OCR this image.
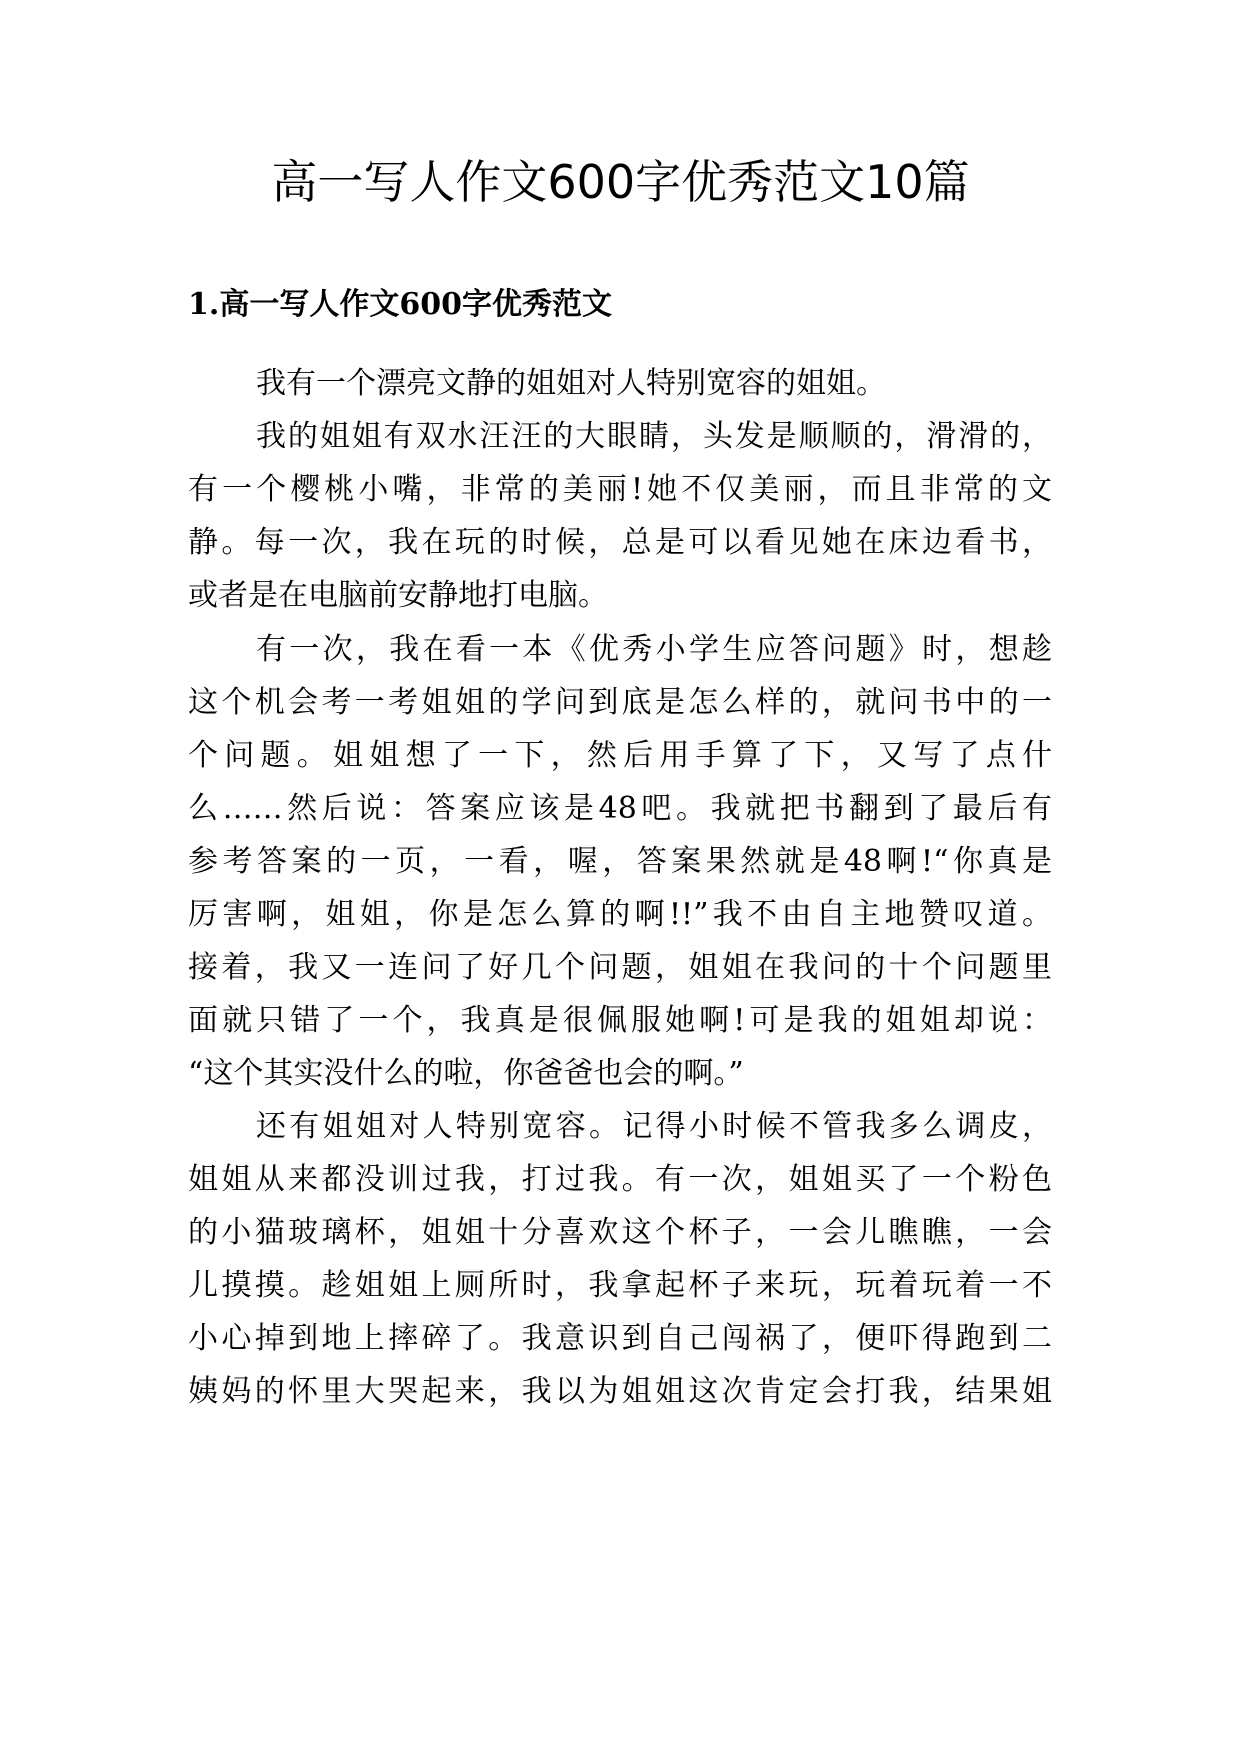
高一写人作文600字优秀范文10篇
1.高一写人作文600字优秀范文

我有一个漂亮文静的姐姐对人特别宽容的姐姐。

我的姐姐有双水汪汪的大眼睛，头发是顺顺的，滑滑的，

有一个樱桃小嘴，非常的美丽!她不仅美丽，而且非常的文

静。每一次，我在玩的时候，总是可以看见她在床边看书，

或者是在电脑前安静地打电脑。

有一次，我在看一本《优秀小学生应答问题》时，想趁

这个机会考一考姐姐的学问到底是怎么样的，就问书中的一

个问题。姐姐想了一下，然后用手算了下，又写了点什

么……然后说：答案应该是48吧。我就把书翻到了最后有

参考答案的一页，一看，喔，答案果然就是48啊!“你真是

厉害啊，姐姐，你是怎么算的啊!!”我不由自主地赞叹道。

接着，我又一连问了好几个问题，姐姐在我问的十个问题里

面就只错了一个，我真是很佩服她啊!可是我的姐姐却说：

“这个其实没什么的啦，你爸爸也会的啊。”

还有姐姐对人特别宽容。记得小时候不管我多么调皮，

姐姐从来都没训过我，打过我。有一次，姐姐买了一个粉色

的小猫玻璃杯，姐姐十分喜欢这个杯子，一会儿瞧瞧，一会

儿摸摸。趁姐姐上厕所时，我拿起杯子来玩，玩着玩着一不

小心掉到地上摔碎了。我意识到自己闯祸了，便吓得跑到二

姨妈的怀里大哭起来，我以为姐姐这次肯定会打我，结果姐
